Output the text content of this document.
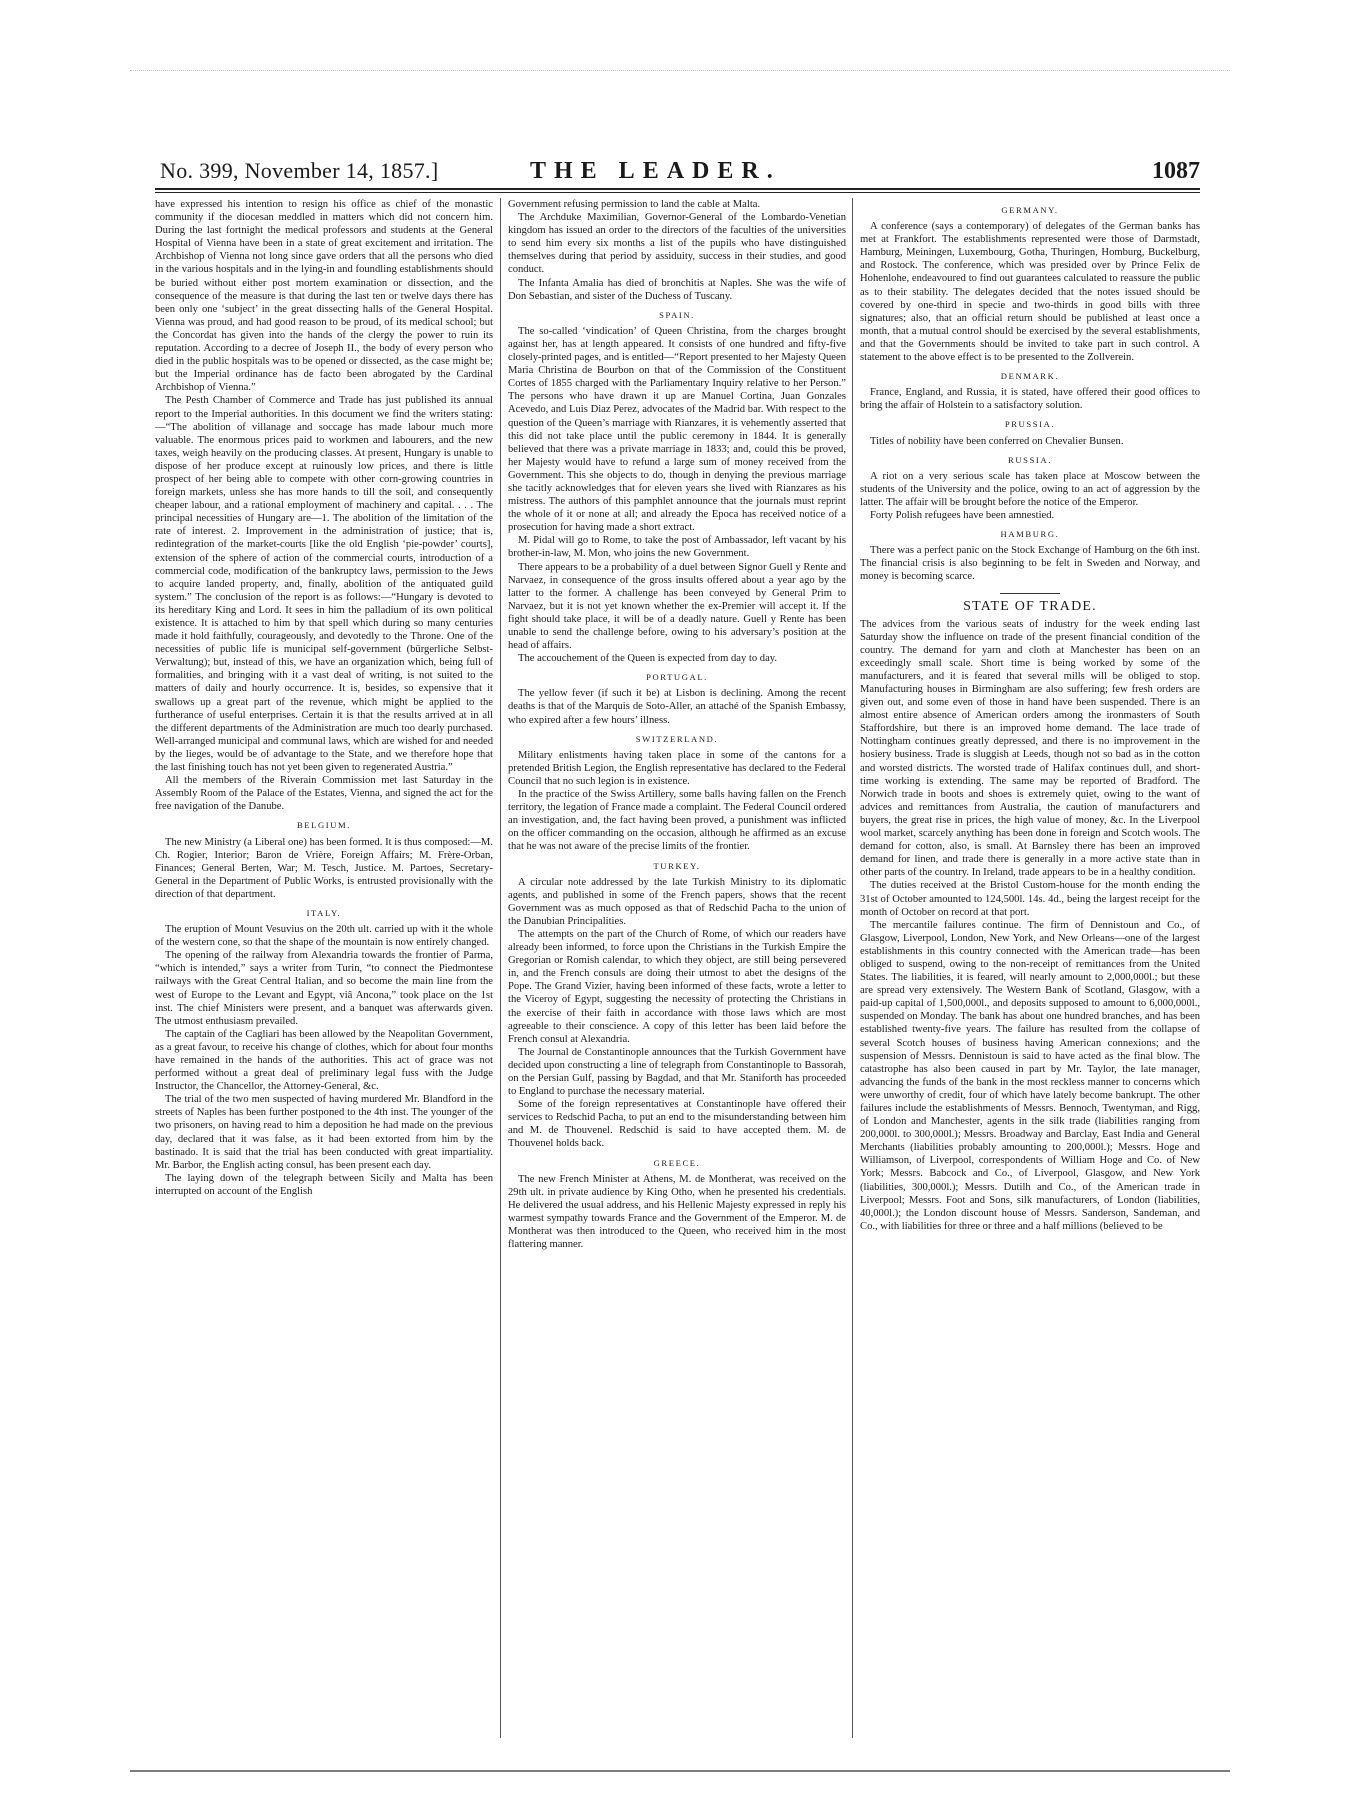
No. 399, November 14, 1857.]	THE LEADER.	1087

have expressed his intention to resign his office as chief of the monastic community if the diocesan meddled in matters which did not concern him. During the last fortnight the medical professors and students at the General Hospital of Vienna have been in a state of great excitement and irritation. The Archbishop of Vienna not long since gave orders that all the persons who died in the various hospitals and in the lying-in and foundling establishments should be buried without either post mortem examination or dissection, and the consequence of the measure is that during the last ten or twelve days there has been only one ‘subject’ in the great dissecting halls of the General Hospital. Vienna was proud, and had good reason to be proud, of its medical school; but the Concordat has given into the hands of the clergy the power to ruin its reputation. According to a decree of Joseph II., the body of every person who died in the public hospitals was to be opened or dissected, as the case might be; but the Imperial ordinance has de facto been abrogated by the Cardinal Archbishop of Vienna.”

The Pesth Chamber of Commerce and Trade has just published its annual report to the Imperial authorities. In this document we find the writers stating:—“The abolition of villanage and soccage has made labour much more valuable. The enormous prices paid to workmen and labourers, and the new taxes, weigh heavily on the producing classes. At present, Hungary is unable to dispose of her produce except at ruinously low prices, and there is little prospect of her being able to compete with other corn-growing countries in foreign markets, unless she has more hands to till the soil, and consequently cheaper labour, and a rational employment of machinery and capital. . . . The principal necessities of Hungary are—1. The abolition of the limitation of the rate of interest. 2. Improvement in the administration of justice; that is, redintegration of the market-courts [like the old English ‘pie-powder’ courts], extension of the sphere of action of the commercial courts, introduction of a commercial code, modification of the bankruptcy laws, permission to the Jews to acquire landed property, and, finally, abolition of the antiquated guild system.” The conclusion of the report is as follows:—“Hungary is devoted to its hereditary King and Lord. It sees in him the palladium of its own political existence. It is attached to him by that spell which during so many centuries made it hold faithfully, courageously, and devotedly to the Throne. One of the necessities of public life is municipal self-government (bürgerliche Selbst-Verwaltung); but, instead of this, we have an organization which, being full of formalities, and bringing with it a vast deal of writing, is not suited to the matters of daily and hourly occurrence. It is, besides, so expensive that it swallows up a great part of the revenue, which might be applied to the furtherance of useful enterprises. Certain it is that the results arrived at in all the different departments of the Administration are much too dearly purchased. Well-arranged municipal and communal laws, which are wished for and needed by the lieges, would be of advantage to the State, and we therefore hope that the last finishing touch has not yet been given to regenerated Austria.”

All the members of the Riverain Commission met last Saturday in the Assembly Room of the Palace of the Estates, Vienna, and signed the act for the free navigation of the Danube.

BELGIUM.

The new Ministry (a Liberal one) has been formed. It is thus composed:—M. Ch. Rogier, Interior; Baron de Vrière, Foreign Affairs; M. Frère-Orban, Finances; General Berten, War; M. Tesch, Justice. M. Partoes, Secretary-General in the Department of Public Works, is entrusted provisionally with the direction of that department.

ITALY.

The eruption of Mount Vesuvius on the 20th ult. carried up with it the whole of the western cone, so that the shape of the mountain is now entirely changed.

The opening of the railway from Alexandria towards the frontier of Parma, “which is intended,” says a writer from Turin, “to connect the Piedmontese railways with the Great Central Italian, and so become the main line from the west of Europe to the Levant and Egypt, viâ Ancona,” took place on the 1st inst. The chief Ministers were present, and a banquet was afterwards given. The utmost enthusiasm prevailed.

The captain of the Cagliari has been allowed by the Neapolitan Government, as a great favour, to receive his change of clothes, which for about four months have remained in the hands of the authorities. This act of grace was not performed without a great deal of preliminary legal fuss with the Judge Instructor, the Chancellor, the Attorney-General, &c.

The trial of the two men suspected of having murdered Mr. Blandford in the streets of Naples has been further postponed to the 4th inst. The younger of the two prisoners, on having read to him a deposition he had made on the previous day, declared that it was false, as it had been extorted from him by the bastinado. It is said that the trial has been conducted with great impartiality. Mr. Barbor, the English acting consul, has been present each day.

The laying down of the telegraph between Sicily and Malta has been interrupted on account of the English

Government refusing permission to land the cable at Malta.

The Archduke Maximilian, Governor-General of the Lombardo-Venetian kingdom has issued an order to the directors of the faculties of the universities to send him every six months a list of the pupils who have distinguished themselves during that period by assiduity, success in their studies, and good conduct.

The Infanta Amalia has died of bronchitis at Naples. She was the wife of Don Sebastian, and sister of the Duchess of Tuscany.

SPAIN.

The so-called ‘vindication’ of Queen Christina, from the charges brought against her, has at length appeared. It consists of one hundred and fifty-five closely-printed pages, and is entitled—“Report presented to her Majesty Queen Maria Christina de Bourbon on that of the Commission of the Constituent Cortes of 1855 charged with the Parliamentary Inquiry relative to her Person.” The persons who have drawn it up are Manuel Cortina, Juan Gonzales Acevedo, and Luis Diaz Perez, advocates of the Madrid bar. With respect to the question of the Queen’s marriage with Rianzares, it is vehemently asserted that this did not take place until the public ceremony in 1844. It is generally believed that there was a private marriage in 1833; and, could this be proved, her Majesty would have to refund a large sum of money received from the Government. This she objects to do, though in denying the previous marriage she tacitly acknowledges that for eleven years she lived with Rianzares as his mistress. The authors of this pamphlet announce that the journals must reprint the whole of it or none at all; and already the Epoca has received notice of a prosecution for having made a short extract.

M. Pidal will go to Rome, to take the post of Ambassador, left vacant by his brother-in-law, M. Mon, who joins the new Government.

There appears to be a probability of a duel between Signor Guell y Rente and Narvaez, in consequence of the gross insults offered about a year ago by the latter to the former. A challenge has been conveyed by General Prim to Narvaez, but it is not yet known whether the ex-Premier will accept it. If the fight should take place, it will be of a deadly nature. Guell y Rente has been unable to send the challenge before, owing to his adversary’s position at the head of affairs.

The accouchement of the Queen is expected from day to day.

PORTUGAL.

The yellow fever (if such it be) at Lisbon is declining. Among the recent deaths is that of the Marquis de Soto-Aller, an attaché of the Spanish Embassy, who expired after a few hours’ illness.

SWITZERLAND.

Military enlistments having taken place in some of the cantons for a pretended British Legion, the English representative has declared to the Federal Council that no such legion is in existence.

In the practice of the Swiss Artillery, some balls having fallen on the French territory, the legation of France made a complaint. The Federal Council ordered an investigation, and, the fact having been proved, a punishment was inflicted on the officer commanding on the occasion, although he affirmed as an excuse that he was not aware of the precise limits of the frontier.

TURKEY.

A circular note addressed by the late Turkish Ministry to its diplomatic agents, and published in some of the French papers, shows that the recent Government was as much opposed as that of Redschid Pacha to the union of the Danubian Principalities.

The attempts on the part of the Church of Rome, of which our readers have already been informed, to force upon the Christians in the Turkish Empire the Gregorian or Romish calendar, to which they object, are still being persevered in, and the French consuls are doing their utmost to abet the designs of the Pope. The Grand Vizier, having been informed of these facts, wrote a letter to the Viceroy of Egypt, suggesting the necessity of protecting the Christians in the exercise of their faith in accordance with those laws which are most agreeable to their conscience. A copy of this letter has been laid before the French consul at Alexandria.

The Journal de Constantinople announces that the Turkish Government have decided upon constructing a line of telegraph from Constantinople to Bassorah, on the Persian Gulf, passing by Bagdad, and that Mr. Staniforth has proceeded to England to purchase the necessary material.

Some of the foreign representatives at Constantinople have offered their services to Redschid Pacha, to put an end to the misunderstanding between him and M. de Thouvenel. Redschid is said to have accepted them. M. de Thouvenel holds back.

GREECE.

The new French Minister at Athens, M. de Montherat, was received on the 29th ult. in private audience by King Otho, when he presented his credentials. He delivered the usual address, and his Hellenic Majesty expressed in reply his warmest sympathy towards France and the Government of the Emperor. M. de Montherat was then introduced to the Queen, who received him in the most flattering manner.

GERMANY.

A conference (says a contemporary) of delegates of the German banks has met at Frankfort. The establishments represented were those of Darmstadt, Hamburg, Meiningen, Luxembourg, Gotha, Thuringen, Homburg, Buckelburg, and Rostock. The conference, which was presided over by Prince Felix de Hohenlohe, endeavoured to find out guarantees calculated to reassure the public as to their stability. The delegates decided that the notes issued should be covered by one-third in specie and two-thirds in good bills with three signatures; also, that an official return should be published at least once a month, that a mutual control should be exercised by the several establishments, and that the Governments should be invited to take part in such control. A statement to the above effect is to be presented to the Zollverein.

DENMARK.

France, England, and Russia, it is stated, have offered their good offices to bring the affair of Holstein to a satisfactory solution.

PRUSSIA.

Titles of nobility have been conferred on Chevalier Bunsen.

RUSSIA.

A riot on a very serious scale has taken place at Moscow between the students of the University and the police, owing to an act of aggression by the latter. The affair will be brought before the notice of the Emperor.

Forty Polish refugees have been amnestied.

HAMBURG.

There was a perfect panic on the Stock Exchange of Hamburg on the 6th inst. The financial crisis is also beginning to be felt in Sweden and Norway, and money is becoming scarce.

STATE OF TRADE.

The advices from the various seats of industry for the week ending last Saturday show the influence on trade of the present financial condition of the country. The demand for yarn and cloth at Manchester has been on an exceedingly small scale. Short time is being worked by some of the manufacturers, and it is feared that several mills will be obliged to stop. Manufacturing houses in Birmingham are also suffering; few fresh orders are given out, and some even of those in hand have been suspended. There is an almost entire absence of American orders among the ironmasters of South Staffordshire, but there is an improved home demand. The lace trade of Nottingham continues greatly depressed, and there is no improvement in the hosiery business. Trade is sluggish at Leeds, though not so bad as in the cotton and worsted districts. The worsted trade of Halifax continues dull, and short-time working is extending. The same may be reported of Bradford. The Norwich trade in boots and shoes is extremely quiet, owing to the want of advices and remittances from Australia, the caution of manufacturers and buyers, the great rise in prices, the high value of money, &c. In the Liverpool wool market, scarcely anything has been done in foreign and Scotch wools. The demand for cotton, also, is small. At Barnsley there has been an improved demand for linen, and trade there is generally in a more active state than in other parts of the country. In Ireland, trade appears to be in a healthy condition.

The duties received at the Bristol Custom-house for the month ending the 31st of October amounted to 124,500l. 14s. 4d., being the largest receipt for the month of October on record at that port.

The mercantile failures continue. The firm of Dennistoun and Co., of Glasgow, Liverpool, London, New York, and New Orleans—one of the largest establishments in this country connected with the American trade—has been obliged to suspend, owing to the non-receipt of remittances from the United States. The liabilities, it is feared, will nearly amount to 2,000,000l.; but these are spread very extensively. The Western Bank of Scotland, Glasgow, with a paid-up capital of 1,500,000l., and deposits supposed to amount to 6,000,000l., suspended on Monday. The bank has about one hundred branches, and has been established twenty-five years. The failure has resulted from the collapse of several Scotch houses of business having American connexions; and the suspension of Messrs. Dennistoun is said to have acted as the final blow. The catastrophe has also been caused in part by Mr. Taylor, the late manager, advancing the funds of the bank in the most reckless manner to concerns which were unworthy of credit, four of which have lately become bankrupt. The other failures include the establishments of Messrs. Bennoch, Twentyman, and Rigg, of London and Manchester, agents in the silk trade (liabilities ranging from 200,000l. to 300,000l.); Messrs. Broadway and Barclay, East India and General Merchants (liabilities probably amounting to 200,000l.); Messrs. Hoge and Williamson, of Liverpool, correspondents of William Hoge and Co. of New York; Messrs. Babcock and Co., of Liverpool, Glasgow, and New York (liabilities, 300,000l.); Messrs. Dutilh and Co., of the American trade in Liverpool; Messrs. Foot and Sons, silk manufacturers, of London (liabilities, 40,000l.); the London discount house of Messrs. Sanderson, Sandeman, and Co., with liabilities for three or three and a half millions (believed to be
